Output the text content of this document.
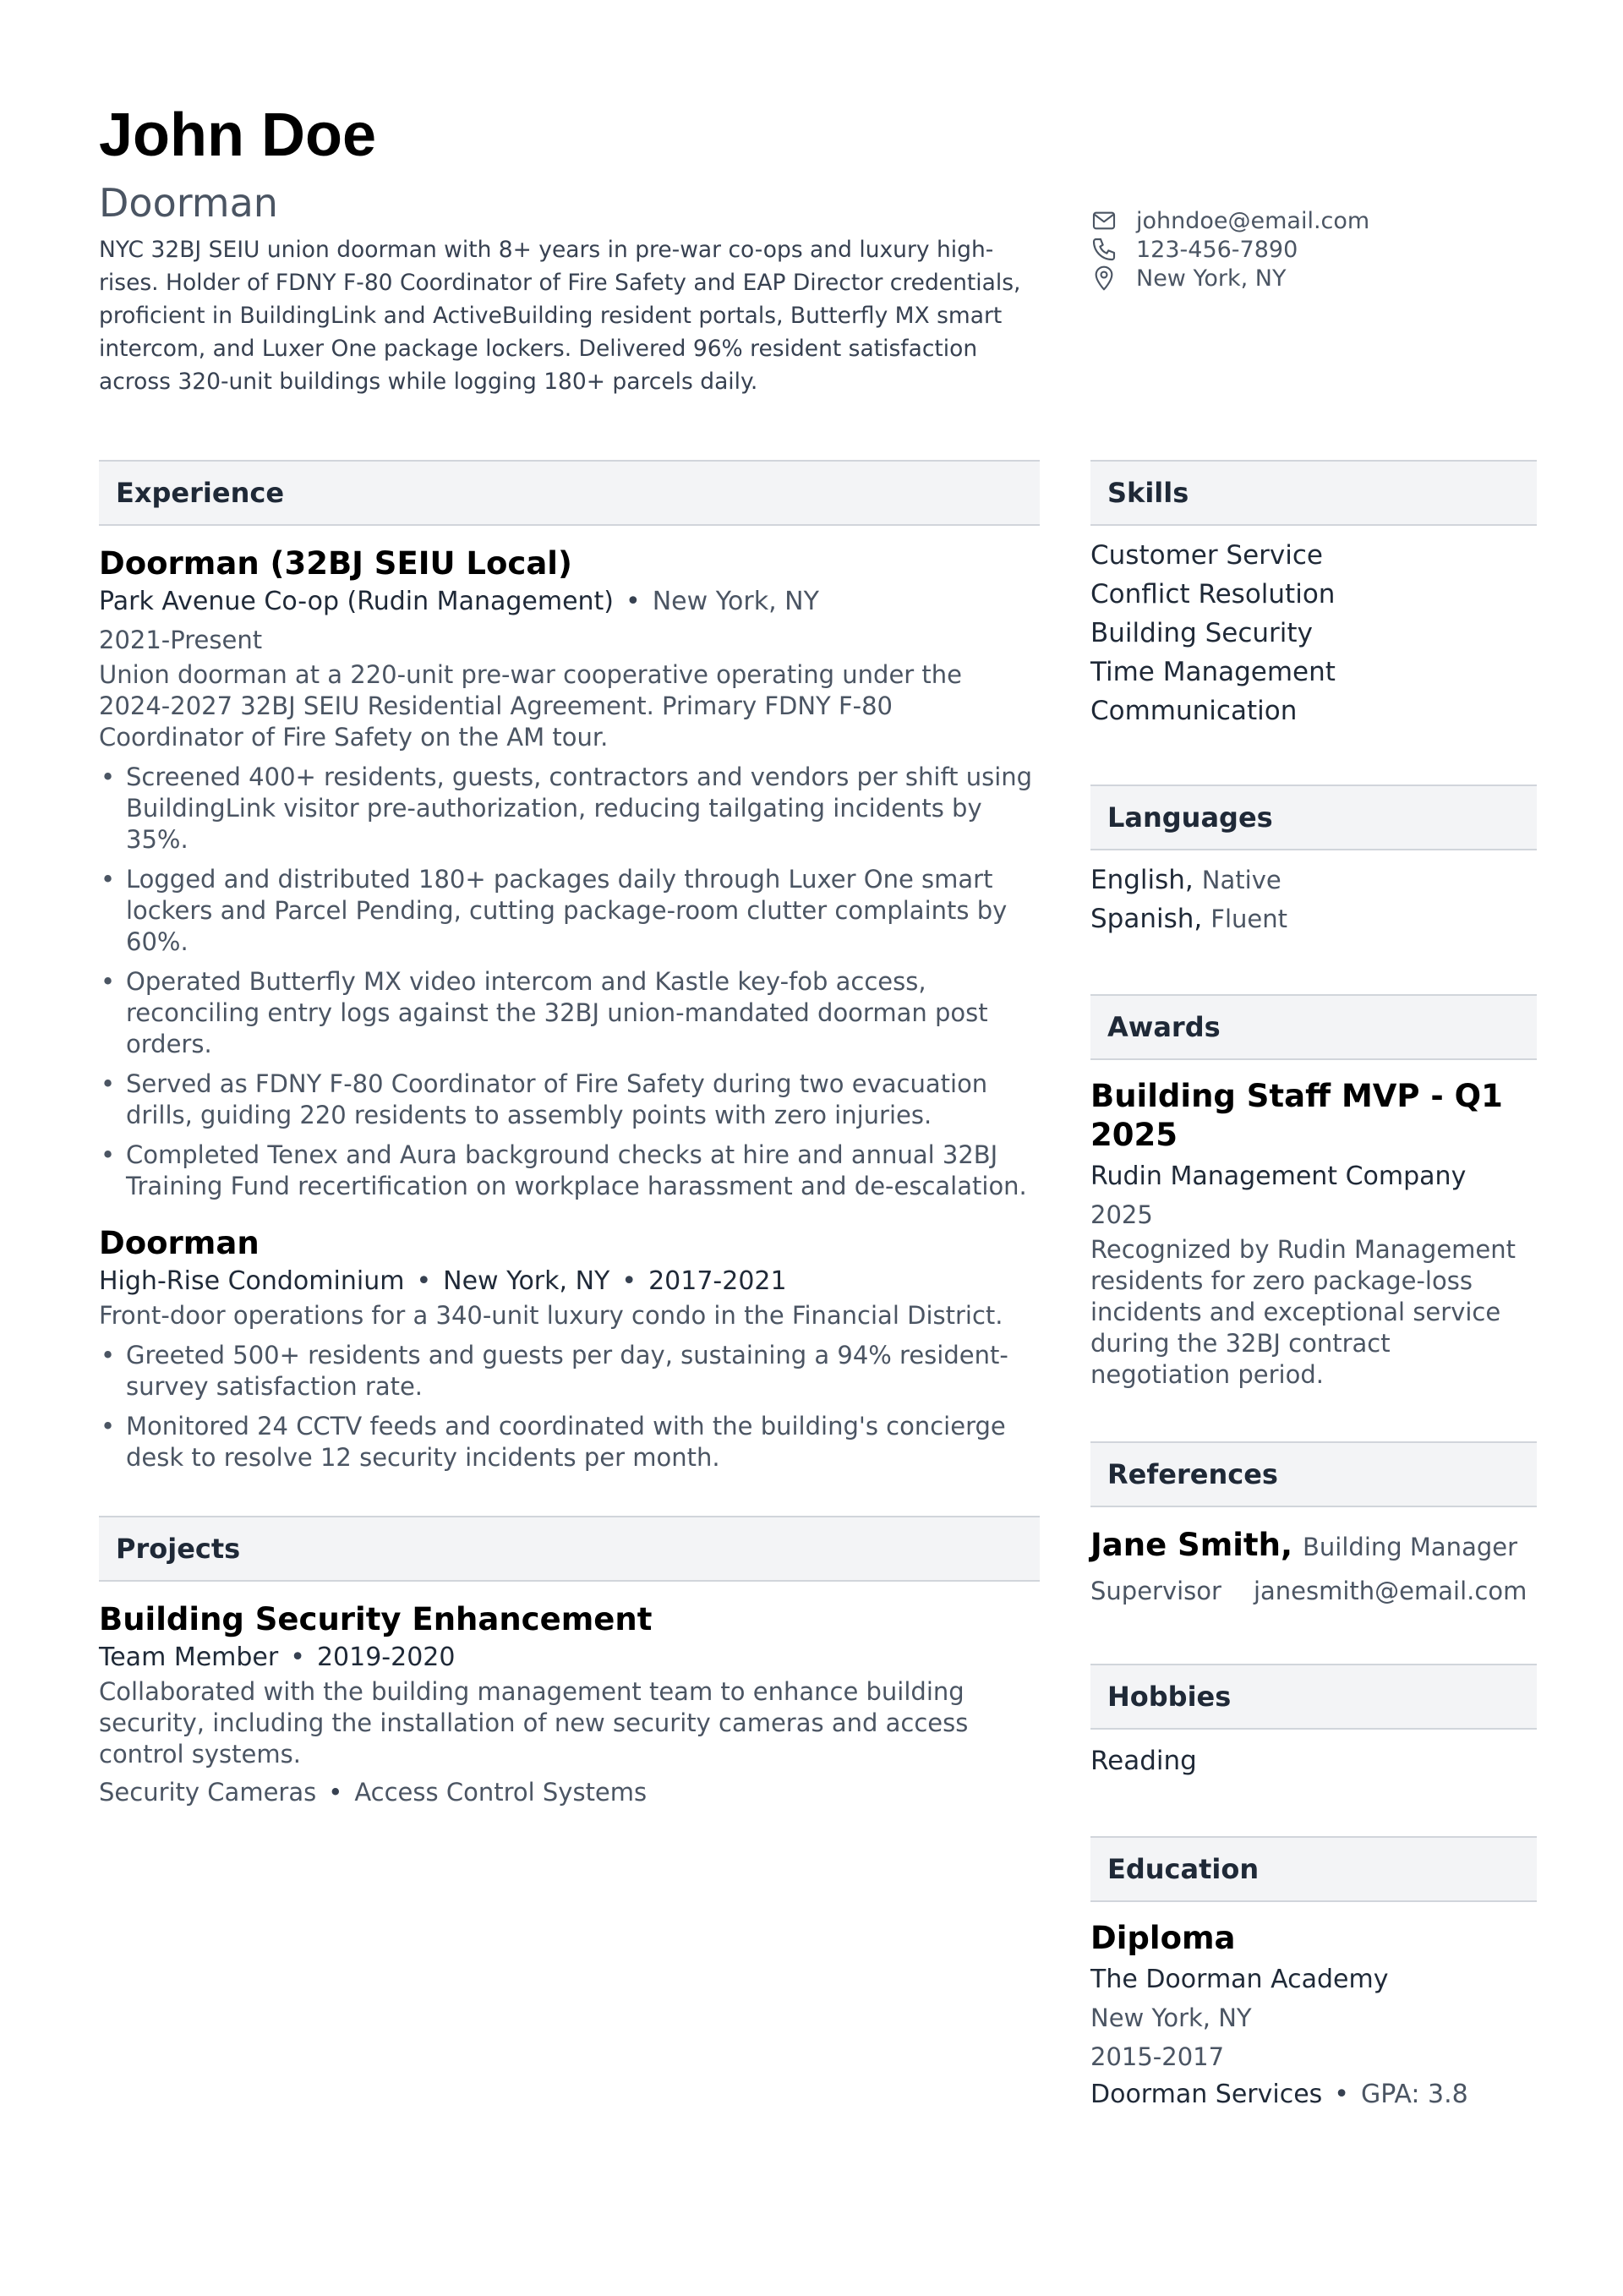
John Doe
Doorman
NYC 32BJ SEIU union doorman with 8+ years in pre-war co-ops and luxury high-rises. Holder of FDNY F-80 Coordinator of Fire Safety and EAP Director credentials, proficient in BuildingLink and ActiveBuilding resident portals, Butterfly MX smart intercom, and Luxer One package lockers. Delivered 96% resident satisfaction across 320-unit buildings while logging 180+ parcels daily.
johndoe@email.com
123-456-7890
New York, NY
Experience
Doorman (32BJ SEIU Local)
Park Avenue Co-op (Rudin Management) • New York, NY
2021-Present
Union doorman at a 220-unit pre-war cooperative operating under the 2024-2027 32BJ SEIU Residential Agreement. Primary FDNY F-80 Coordinator of Fire Safety on the AM tour.
• Screened 400+ residents, guests, contractors and vendors per shift using BuildingLink visitor pre-authorization, reducing tailgating incidents by 35%.
• Logged and distributed 180+ packages daily through Luxer One smart lockers and Parcel Pending, cutting package-room clutter complaints by 60%.
• Operated Butterfly MX video intercom and Kastle key-fob access, reconciling entry logs against the 32BJ union-mandated doorman post orders.
• Served as FDNY F-80 Coordinator of Fire Safety during two evacuation drills, guiding 220 residents to assembly points with zero injuries.
• Completed Tenex and Aura background checks at hire and annual 32BJ Training Fund recertification on workplace harassment and de-escalation.
Doorman
High-Rise Condominium • New York, NY • 2017-2021
Front-door operations for a 340-unit luxury condo in the Financial District.
• Greeted 500+ residents and guests per day, sustaining a 94% resident-survey satisfaction rate.
• Monitored 24 CCTV feeds and coordinated with the building's concierge desk to resolve 12 security incidents per month.
Projects
Building Security Enhancement
Team Member • 2019-2020
Collaborated with the building management team to enhance building security, including the installation of new security cameras and access control systems.
Security Cameras • Access Control Systems
Skills
Customer Service
Conflict Resolution
Building Security
Time Management
Communication
Languages
English, Native
Spanish, Fluent
Awards
Building Staff MVP - Q1 2025
Rudin Management Company
2025
Recognized by Rudin Management residents for zero package-loss incidents and exceptional service during the 32BJ contract negotiation period.
References
Jane Smith, Building Manager
Supervisor janesmith@email.com
Hobbies
Reading
Education
Diploma
The Doorman Academy
New York, NY
2015-2017
Doorman Services • GPA: 3.8
